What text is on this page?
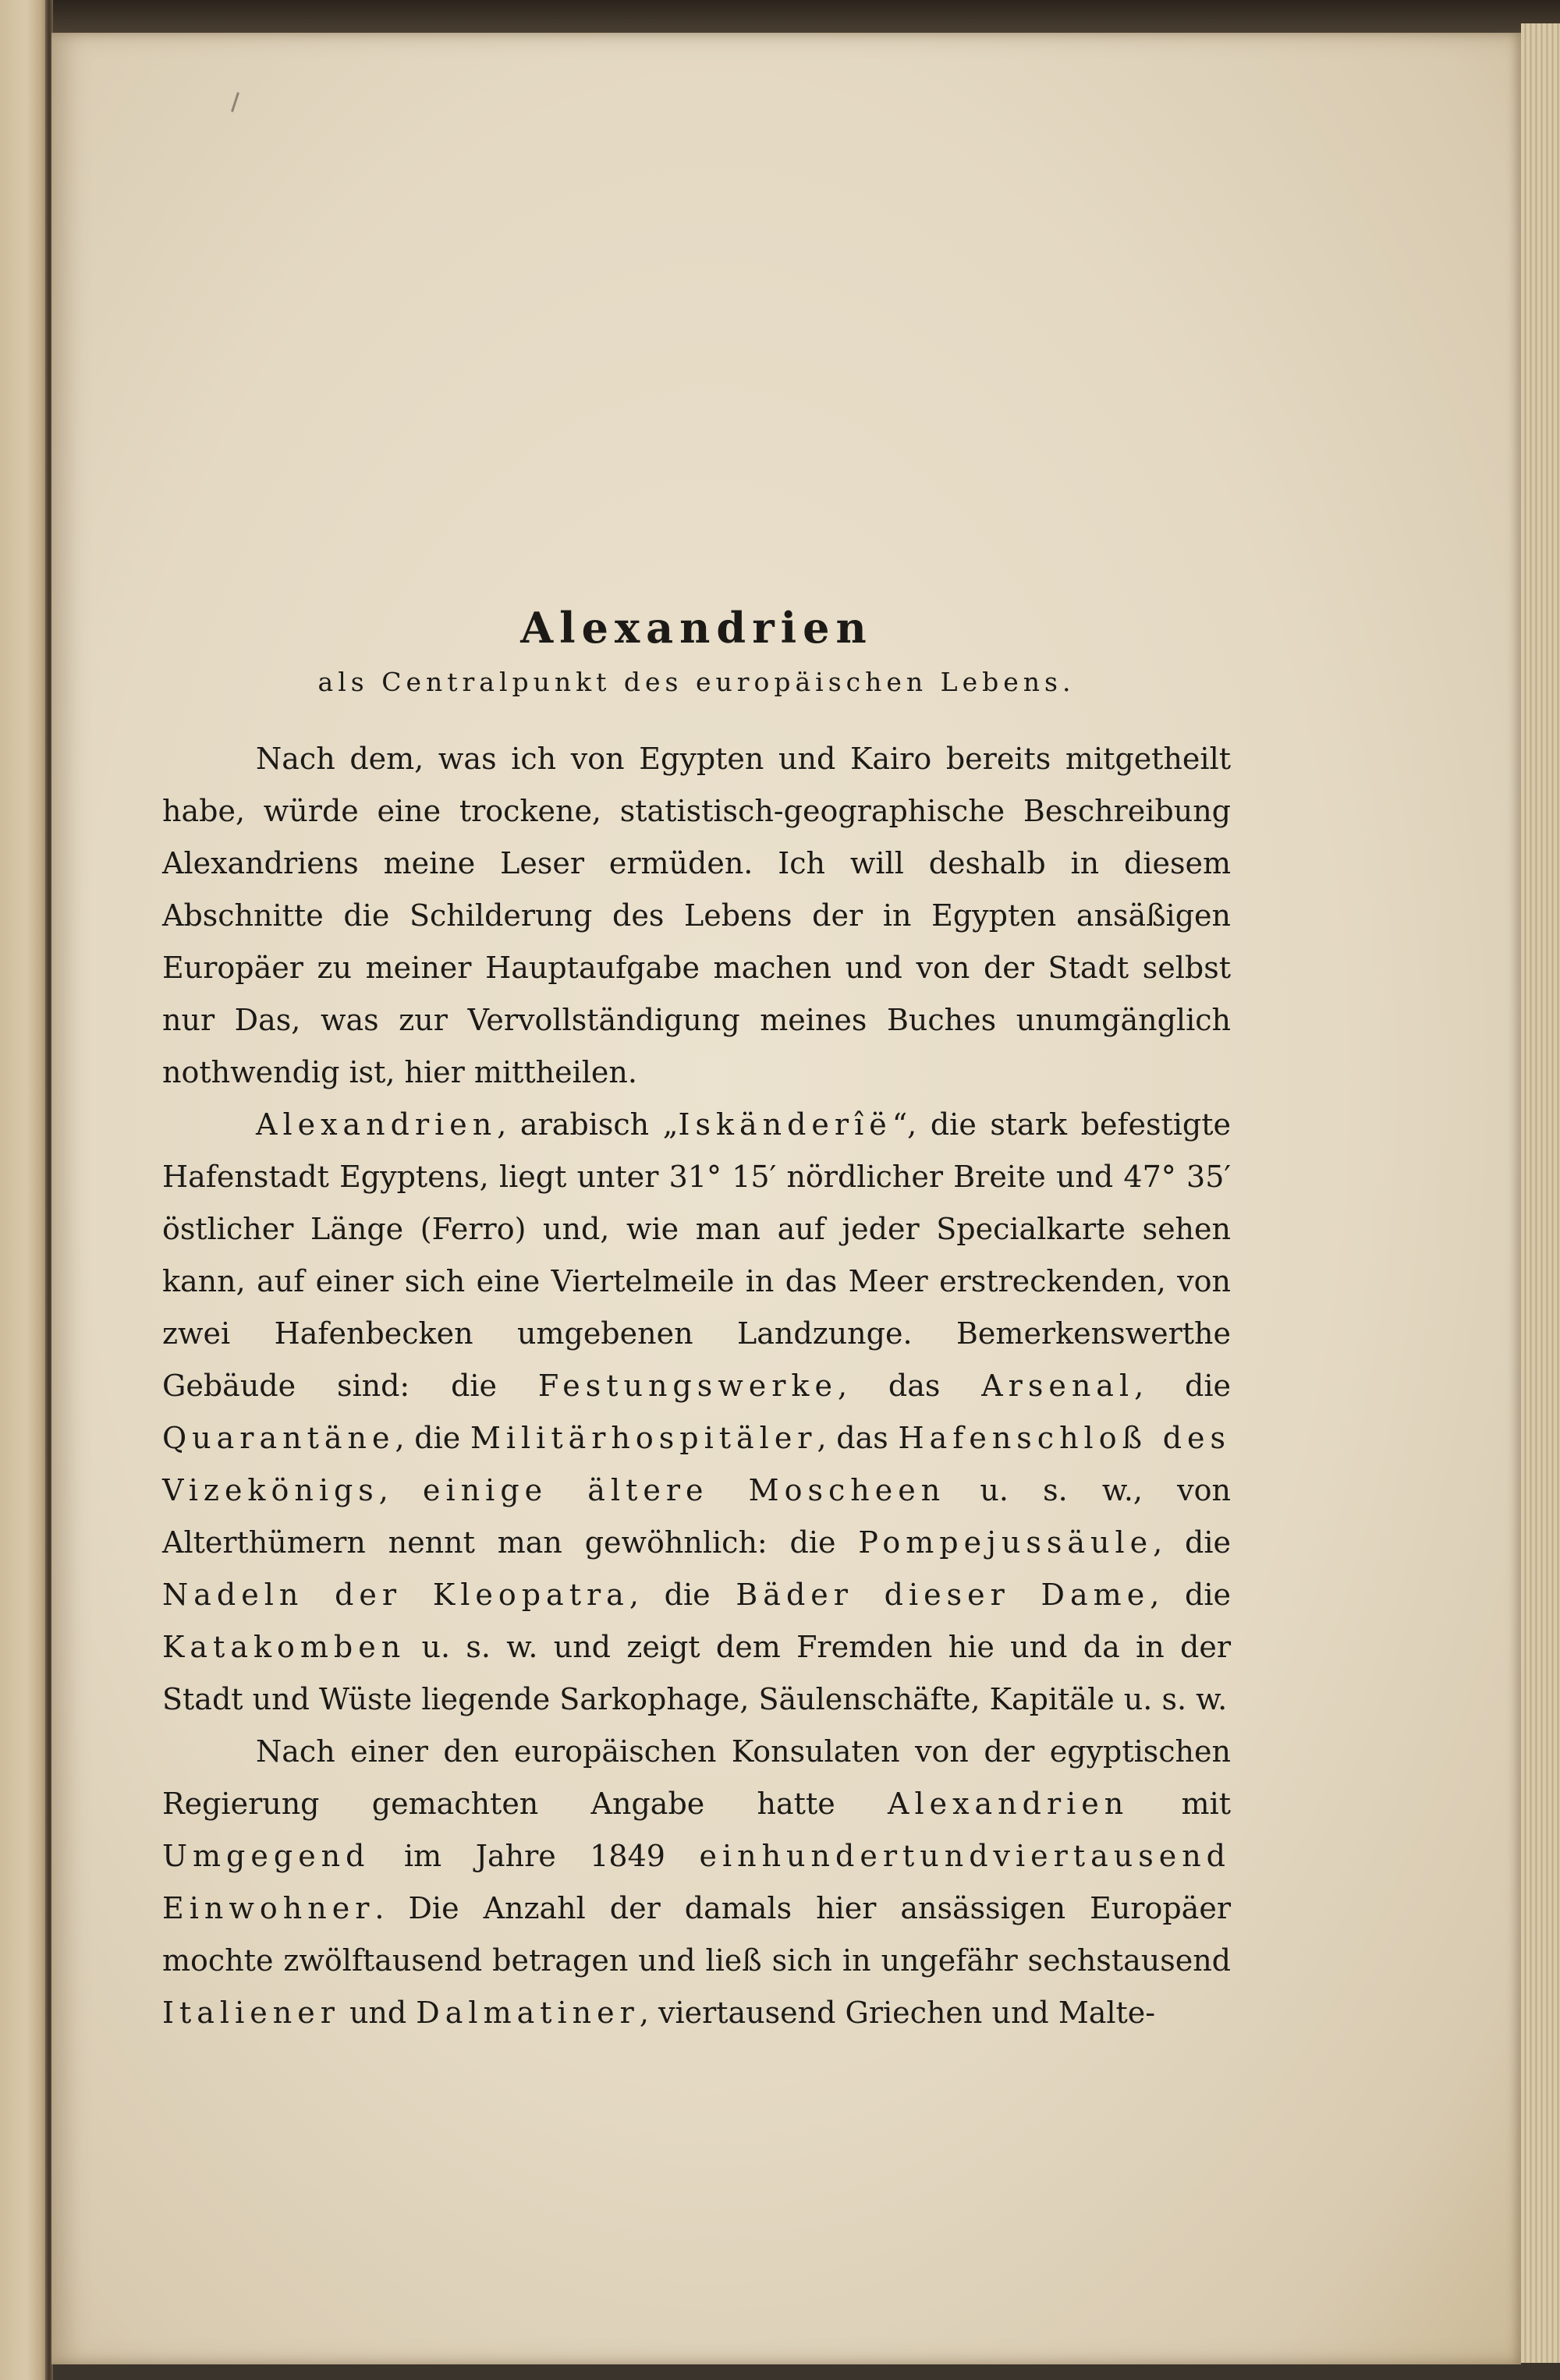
Alexandrien
als Centralpunkt des europäischen Lebens.

Nach dem, was ich von Egypten und Kairo bereits mitgetheilt habe, würde eine trockene, statistisch-geographische Beschreibung Alexandriens meine Leser ermüden. Ich will deshalb in diesem Abschnitte die Schilderung des Lebens der in Egypten ansäßigen Europäer zu meiner Hauptaufgabe machen und von der Stadt selbst nur Das, was zur Vervollständigung meines Buches unumgänglich nothwendig ist, hier mittheilen.

Alexandrien, arabisch „Iskänderîë“, die stark befestigte Hafenstadt Egyptens, liegt unter 31° 15′ nördlicher Breite und 47° 35′ östlicher Länge (Ferro) und, wie man auf jeder Specialkarte sehen kann, auf einer sich eine Viertelmeile in das Meer erstreckenden, von zwei Hafenbecken umgebenen Landzunge. Bemerkenswerthe Gebäude sind: die Festungswerke, das Arsenal, die Quarantäne, die Militärhospitäler, das Hafenschloß des Vizekönigs, einige ältere Moscheen u. s. w., von Alterthümern nennt man gewöhnlich: die Pompejussäule, die Nadeln der Kleopatra, die Bäder dieser Dame, die Katakomben u. s. w. und zeigt dem Fremden hie und da in der Stadt und Wüste liegende Sarkophage, Säulenschäfte, Kapitäle u. s. w.

Nach einer den europäischen Konsulaten von der egyptischen Regierung gemachten Angabe hatte Alexandrien mit Umgegend im Jahre 1849 einhundertundviertausend Einwohner. Die Anzahl der damals hier ansässigen Europäer mochte zwölftausend betragen und ließ sich in ungefähr sechstausend Italiener und Dalmatiner, viertausend Griechen und Malte-
